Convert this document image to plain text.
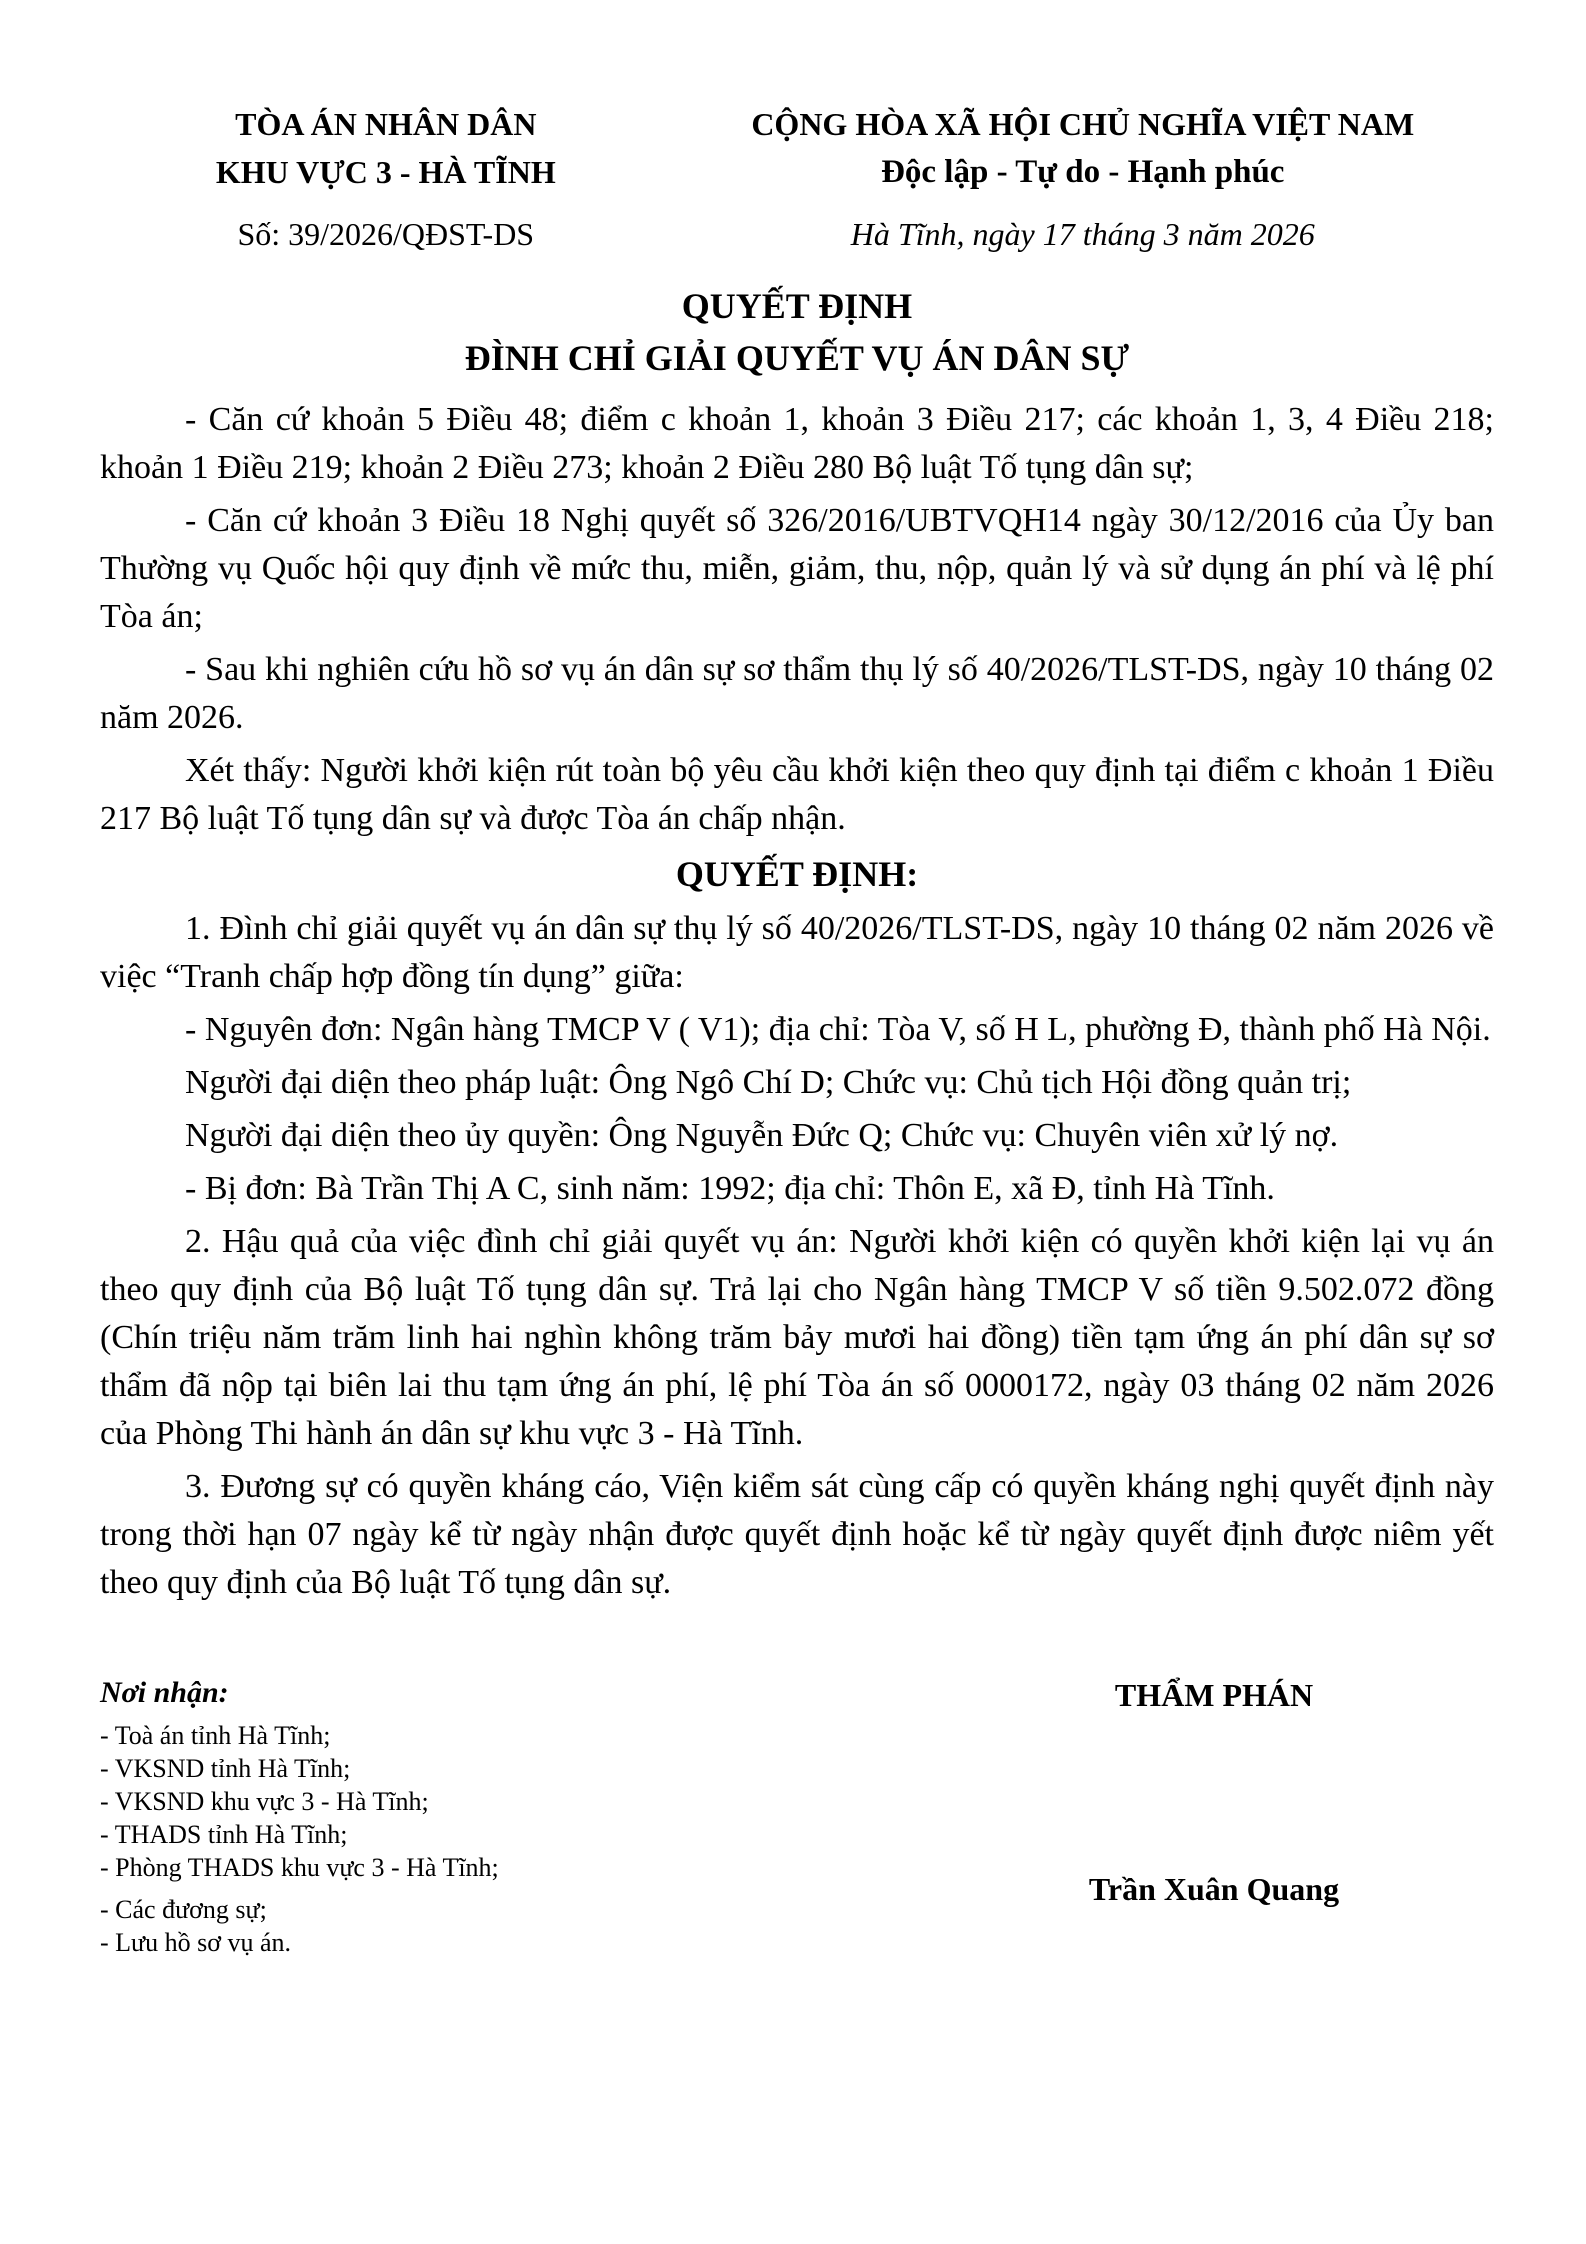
TÒA ÁN NHÂN DÂN
KHU VỰC 3 - HÀ TĨNH
CỘNG HÒA XÃ HỘI CHỦ NGHĨA VIỆT NAM
Độc lập - Tự do - Hạnh phúc
Số: 39/2026/QĐST-DS	Hà Tĩnh, ngày 17 tháng 3 năm 2026
QUYẾT ĐỊNH
ĐÌNH CHỈ GIẢI QUYẾT VỤ ÁN DÂN SỰ

- Căn cứ khoản 5 Điều 48; điểm c khoản 1, khoản 3 Điều 217; các khoản 1, 3, 4 Điều 218; khoản 1 Điều 219; khoản 2 Điều 273; khoản 2 Điều 280 Bộ luật Tố tụng dân sự;

- Căn cứ khoản 3 Điều 18 Nghị quyết số 326/2016/UBTVQH14 ngày 30/12/2016 của Ủy ban Thường vụ Quốc hội quy định về mức thu, miễn, giảm, thu, nộp, quản lý và sử dụng án phí và lệ phí Tòa án;

- Sau khi nghiên cứu hồ sơ vụ án dân sự sơ thẩm thụ lý số 40/2026/TLST-DS, ngày 10 tháng 02 năm 2026.

Xét thấy: Người khởi kiện rút toàn bộ yêu cầu khởi kiện theo quy định tại điểm c khoản 1 Điều 217 Bộ luật Tố tụng dân sự và được Tòa án chấp nhận.

QUYẾT ĐỊNH:

1. Đình chỉ giải quyết vụ án dân sự thụ lý số 40/2026/TLST-DS, ngày 10 tháng 02 năm 2026 về việc “Tranh chấp hợp đồng tín dụng” giữa:

- Nguyên đơn: Ngân hàng TMCP V ( V1); địa chỉ: Tòa V, số H L, phường Đ, thành phố Hà Nội.

Người đại diện theo pháp luật: Ông Ngô Chí D; Chức vụ: Chủ tịch Hội đồng quản trị;

Người đại diện theo ủy quyền: Ông Nguyễn Đức Q; Chức vụ: Chuyên viên xử lý nợ.

- Bị đơn: Bà Trần Thị A C, sinh năm: 1992; địa chỉ: Thôn E, xã Đ, tỉnh Hà Tĩnh.

2. Hậu quả của việc đình chỉ giải quyết vụ án: Người khởi kiện có quyền khởi kiện lại vụ án theo quy định của Bộ luật Tố tụng dân sự. Trả lại cho Ngân hàng TMCP V số tiền 9.502.072 đồng (Chín triệu năm trăm linh hai nghìn không trăm bảy mươi hai đồng) tiền tạm ứng án phí dân sự sơ thẩm đã nộp tại biên lai thu tạm ứng án phí, lệ phí Tòa án số 0000172, ngày 03 tháng 02 năm 2026 của Phòng Thi hành án dân sự khu vực 3 - Hà Tĩnh.

3. Đương sự có quyền kháng cáo, Viện kiểm sát cùng cấp có quyền kháng nghị quyết định này trong thời hạn 07 ngày kể từ ngày nhận được quyết định hoặc kể từ ngày quyết định được niêm yết theo quy định của Bộ luật Tố tụng dân sự.

Nơi nhận:
- Toà án tỉnh Hà Tĩnh;
- VKSND tỉnh Hà Tĩnh;
- VKSND khu vực 3 - Hà Tĩnh;
- THADS tỉnh Hà Tĩnh;
- Phòng THADS khu vực 3 - Hà Tĩnh;
- Các đương sự;
- Lưu hồ sơ vụ án.
THẨM PHÁN
Trần Xuân Quang
